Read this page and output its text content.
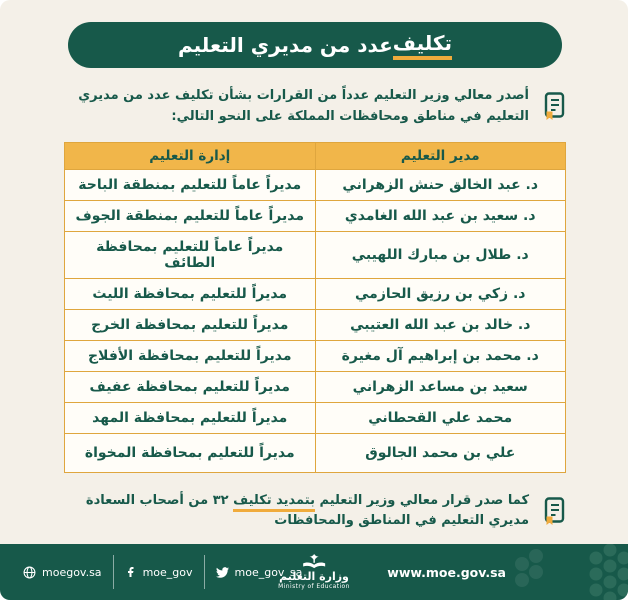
تكليف
عدد من مديري التعليم

أصدر معالي وزير التعليم عدداً من القرارات بشأن تكليف عدد من مديري التعليم في مناطق ومحافظات المملكة على النحو التالي:

مدير التعليم	إدارة التعليم
د. عبد الخالق حنش الزهراني	مديراً عاماً للتعليم بمنطقة الباحة
د. سعيد بن عبد الله الغامدي	مديراً عاماً للتعليم بمنطقة الجوف
د. طلال بن مبارك اللهيبي	مديراً عاماً للتعليم بمحافظة الطائف
د. زكي بن رزيق الحازمي	مديراً للتعليم بمحافظة الليث
د. خالد بن عبد الله العتيبي	مديراً للتعليم بمحافظة الخرج
د. محمد بن إبراهيم آل مغيرة	مديراً للتعليم بمحافظة الأفلاج
سعيد بن مساعد الزهراني	مديراً للتعليم بمحافظة عفيف
محمد علي القحطاني	مديراً للتعليم بمحافظة المهد
علي بن محمد الجالوق	مديراً للتعليم بمحافظة المخواة

كما صدر قرار معالي وزير التعليم بتمديد تكليف ٣٢ من أصحاب السعادة مديري التعليم في المناطق والمحافظات

moegov.sa	moe_gov	moe_gov_sa
وزارة التعليم
Ministry of Education
www.moe.gov.sa
